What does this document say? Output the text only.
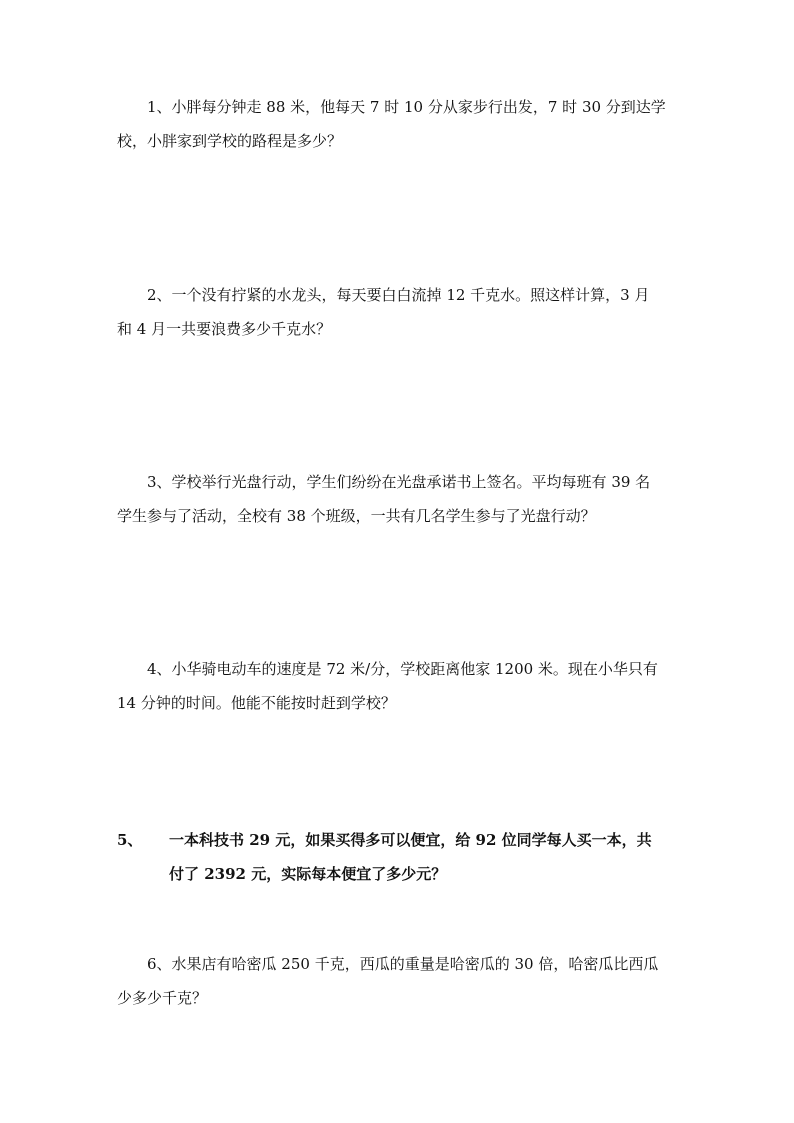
1、小胖每分钟走 88 米，他每天 7 时 10 分从家步行出发，7 时 30 分到达学
校，小胖家到学校的路程是多少？
2、一个没有拧紧的水龙头，每天要白白流掉 12 千克水。照这样计算，3 月
和 4 月一共要浪费多少千克水？
3、学校举行光盘行动，学生们纷纷在光盘承诺书上签名。平均每班有 39 名
学生参与了活动，全校有 38 个班级，一共有几名学生参与了光盘行动？
4、小华骑电动车的速度是 72 米/分，学校距离他家 1200 米。现在小华只有
14 分钟的时间。他能不能按时赶到学校？
5、	一本科技书 29 元，如果买得多可以便宜，给 92 位同学每人买一本，共
付了 2392 元，实际每本便宜了多少元？
6、水果店有哈密瓜 250 千克，西瓜的重量是哈密瓜的 30 倍，哈密瓜比西瓜
少多少千克？
